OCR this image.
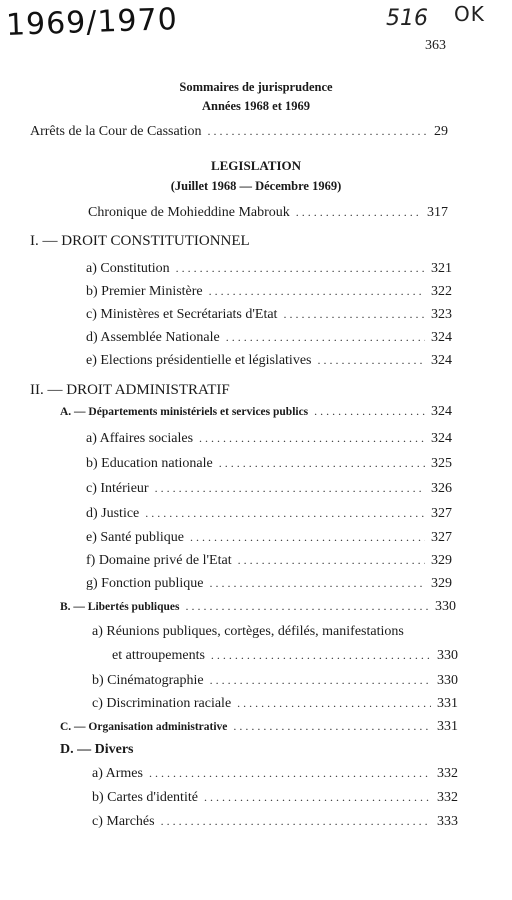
1969/1970	516 OK
363
Sommaires de jurisprudence
Années 1968 et 1969
Arrêts de la Cour de Cassation . . .	29
LEGISLATION
(Juillet 1968 — Décembre 1969)
Chronique de Mohieddine Mabrouk . . .	317
I. — DROIT CONSTITUTIONNEL
a) Constitution . . .	321
b) Premier Ministère . . .	322
c) Ministères et Secrétariats d'Etat . . .	323
d) Assemblée Nationale . . .	324
e) Elections présidentielle et législatives . . .	324
II. — DROIT ADMINISTRATIF
A. — Départements ministériels et services publics . . .	324
a) Affaires sociales . . .	324
b) Education nationale . . .	325
c) Intérieur . . .	326
d) Justice . . .	327
e) Santé publique . . .	327
f) Domaine privé de l'Etat . . .	329
g) Fonction publique . . .	329
B. — Libertés publiques . . .	330
a) Réunions publiques, cortèges, défilés, manifestations
et attroupements . . .	330
b) Cinématographie . . .	330
c) Discrimination raciale . . .	331
C. — Organisation administrative . . .	331
D. — Divers
a) Armes . . .	332
b) Cartes d'identité . . .	332
c) Marchés . . .	333
